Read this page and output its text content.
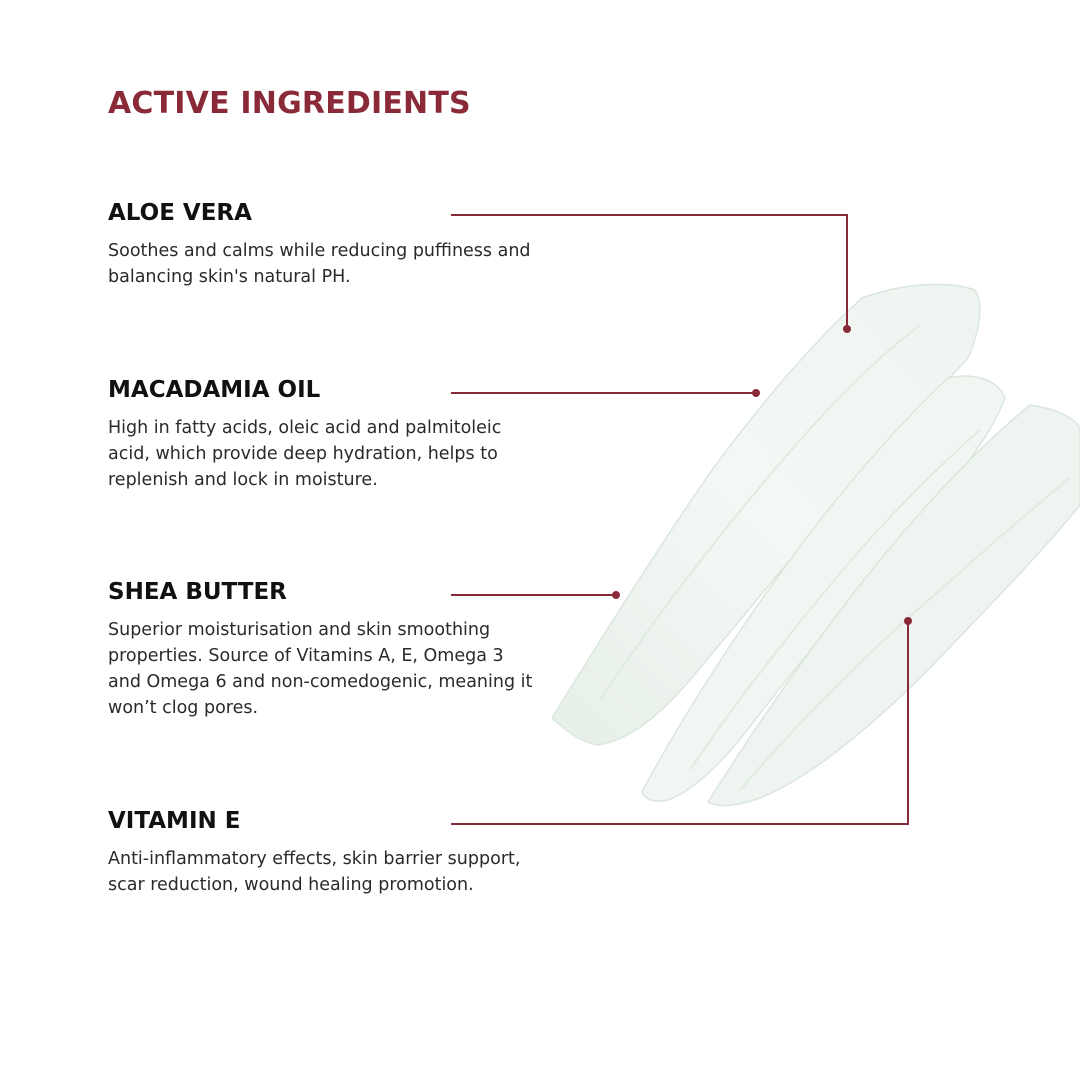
ACTIVE INGREDIENTS
ALOE VERA

Soothes and calms while reducing puffiness and balancing skin's natural PH.

MACADAMIA OIL

High in fatty acids, oleic acid and palmitoleic acid, which provide deep hydration, helps to replenish and lock in moisture.

SHEA BUTTER

Superior moisturisation and skin smoothing properties. Source of Vitamins A, E, Omega 3 and Omega 6 and non-comedogenic, meaning it won’t clog pores.

VITAMIN E

Anti-inflammatory effects, skin barrier support, scar reduction, wound healing promotion.
